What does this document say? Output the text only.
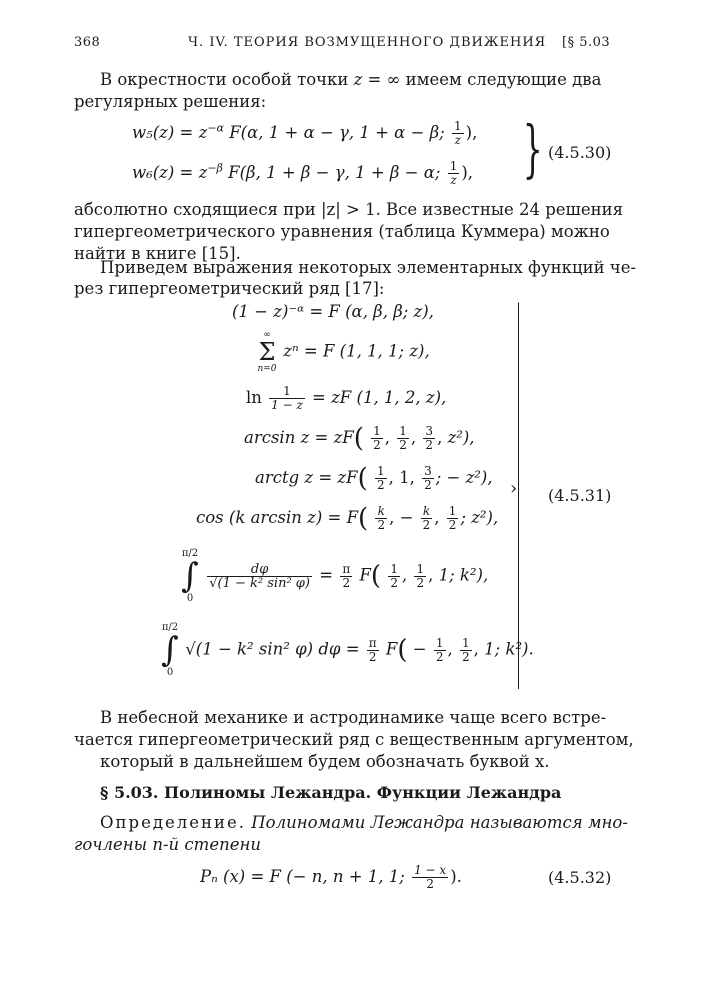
368	Ч. IV. ТЕОРИЯ ВОЗМУЩЕННОГО ДВИЖЕНИЯ [§ 5.03
В окрестности особой точки z = ∞ имеем следующие два
регулярных решения:
$w_5(z) = z^{-\alpha}$ F(α, 1 + α − γ, 1 + α − β; $\frac{1}{z}$ ),
$w_6(z) = z^{-\beta}$ F(β, 1 + β − γ, 1 + β − α; $\frac{1}{z}$ ), } (4.5.30)
абсолютно сходящиеся при |z| > 1. Все известные 24 решения
гипергеометрического уравнения (таблица Куммера) можно
найти в книге [15].
Приведем выражения некоторых элементарных функций че-
рез гипергеометрический ряд [17]:
(1 − z)⁻ᵅ = F (α, β, β; z),
∞
Σ
n=0
zⁿ = F (1, 1, 1; z),
$\ln \frac{1}{1 - z}$ = zF (1, 1, 2, z),
$\arcsin z = zF( \frac{1}{2}$ , $\frac{1}{2}$ , $\frac{3}{2}$ , z²),
arctg $z = zF( \frac{1}{2}$ , 1, $\frac{3}{2}$ ; − z²),
cos (k $\arcsin z) = F( \frac{k}{2}$ , − $\frac{k}{2}$ , $\frac{1}{2}$ ; z²),
π/2
∫
0

$\frac{d\varphi}{\text{√(1 − k² sin² φ)}} = \frac{\pi}{2} F( \frac{1}{2}$ , $\frac{1}{2}$ , 1; k²),
π/2
∫
0
√(1 − k² sin² φ) $d\varphi = \frac{\pi}{2} F( - \frac{1}{2}$ , $\frac{1}{2}$ , 1; k²).
› (4.5.31)
В небесной механике и астродинамике чаще всего встре-
чается гипергеометрический ряд с вещественным аргументом,
который в дальнейшем будем обозначать буквой x.
§ 5.03. Полиномы Лежандра. Функции Лежандра
Определение. Полиномами Лежандра называются мно-
гочлены n-й степени
Pₙ (x) = F (− n, n + 1, 1; $\frac{1 - x}{2}$ ).	(4.5.32)
